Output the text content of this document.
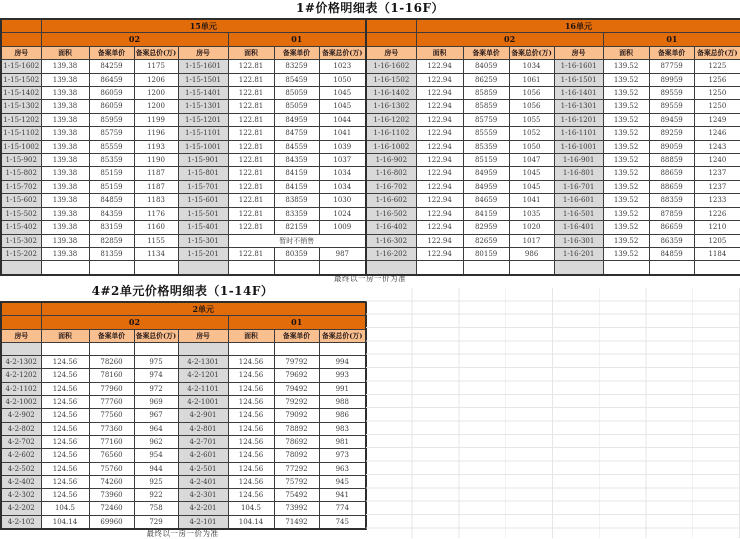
1#价格明细表（1-16F）
	15单元								16单元						
	02				01				02				01		
房号	面积	备案单价	备案总价(万)	房号	面积	备案单价	备案总价(万)	房号	面积	备案单价	备案总价(万)	房号	面积	备案单价	备案总价(万)
1-15-1602	139.38	84259	1175	1-15-1601	122.81	83259	1023	1-16-1602	122.94	84059	1034	1-16-1601	139.52	87759	1225
1-15-1502	139.38	86459	1206	1-15-1501	122.81	85459	1050	1-16-1502	122.94	86259	1061	1-16-1501	139.52	89959	1256
1-15-1402	139.38	86059	1200	1-15-1401	122.81	85059	1045	1-16-1402	122.94	85859	1056	1-16-1401	139.52	89559	1250
1-15-1302	139.38	86059	1200	1-15-1301	122.81	85059	1045	1-16-1302	122.94	85859	1056	1-16-1301	139.52	89559	1250
1-15-1202	139.38	85959	1199	1-15-1201	122.81	84959	1044	1-16-1202	122.94	85759	1055	1-16-1201	139.52	89459	1249
1-15-1102	139.38	85759	1196	1-15-1101	122.81	84759	1041	1-16-1102	122.94	85559	1052	1-16-1101	139.52	89259	1246
1-15-1002	139.38	85559	1193	1-15-1001	122.81	84559	1039	1-16-1002	122.94	85359	1050	1-16-1001	139.52	89059	1243
1-15-902	139.38	85359	1190	1-15-901	122.81	84359	1037	1-16-902	122.94	85159	1047	1-16-901	139.52	88859	1240
1-15-802	139.38	85159	1187	1-15-801	122.81	84159	1034	1-16-802	122.94	84959	1045	1-16-801	139.52	88659	1237
1-15-702	139.38	85159	1187	1-15-701	122.81	84159	1034	1-16-702	122.94	84959	1045	1-16-701	139.52	88659	1237
1-15-602	139.38	84859	1183	1-15-601	122.81	83859	1030	1-16-602	122.94	84659	1041	1-16-601	139.52	88359	1233
1-15-502	139.38	84359	1176	1-15-501	122.81	83359	1024	1-16-502	122.94	84159	1035	1-16-501	139.52	87859	1226
1-15-402	139.38	83159	1160	1-15-401	122.81	82159	1009	1-16-402	122.94	82959	1020	1-16-401	139.52	86659	1210
1-15-302	139.38	82859	1155	1-15-301	暂时不销售			1-16-302	122.94	82659	1017	1-16-301	139.52	86359	1205
1-15-202	139.38	81359	1134	1-15-201	122.81	80359	987	1-16-202	122.94	80159	986	1-16-201	139.52	84859	1184

最终以一房一价为准
4#2单元价格明细表（1-14F）
	2单元						
	02				01		
房号	面积	备案单价	备案总价(万)	房号	面积	备案单价	备案总价(万)

4-2-1302	124.56	78260	975	4-2-1301	124.56	79792	994
4-2-1202	124.56	78160	974	4-2-1201	124.56	79692	993
4-2-1102	124.56	77960	972	4-2-1101	124.56	79492	991
4-2-1002	124.56	77760	969	4-2-1001	124.56	79292	988
4-2-902	124.56	77560	967	4-2-901	124.56	79092	986
4-2-802	124.56	77360	964	4-2-801	124.56	78892	983
4-2-702	124.56	77160	962	4-2-701	124.56	78692	981
4-2-602	124.56	76560	954	4-2-601	124.56	78092	973
4-2-502	124.56	75760	944	4-2-501	124.56	77292	963
4-2-402	124.56	74260	925	4-2-401	124.56	75792	945
4-2-302	124.56	73960	922	4-2-301	124.56	75492	941
4-2-202	104.5	72460	758	4-2-201	104.5	73992	774
4-2-102	104.14	69960	729	4-2-101	104.14	71492	745
最终以一房一价为准
